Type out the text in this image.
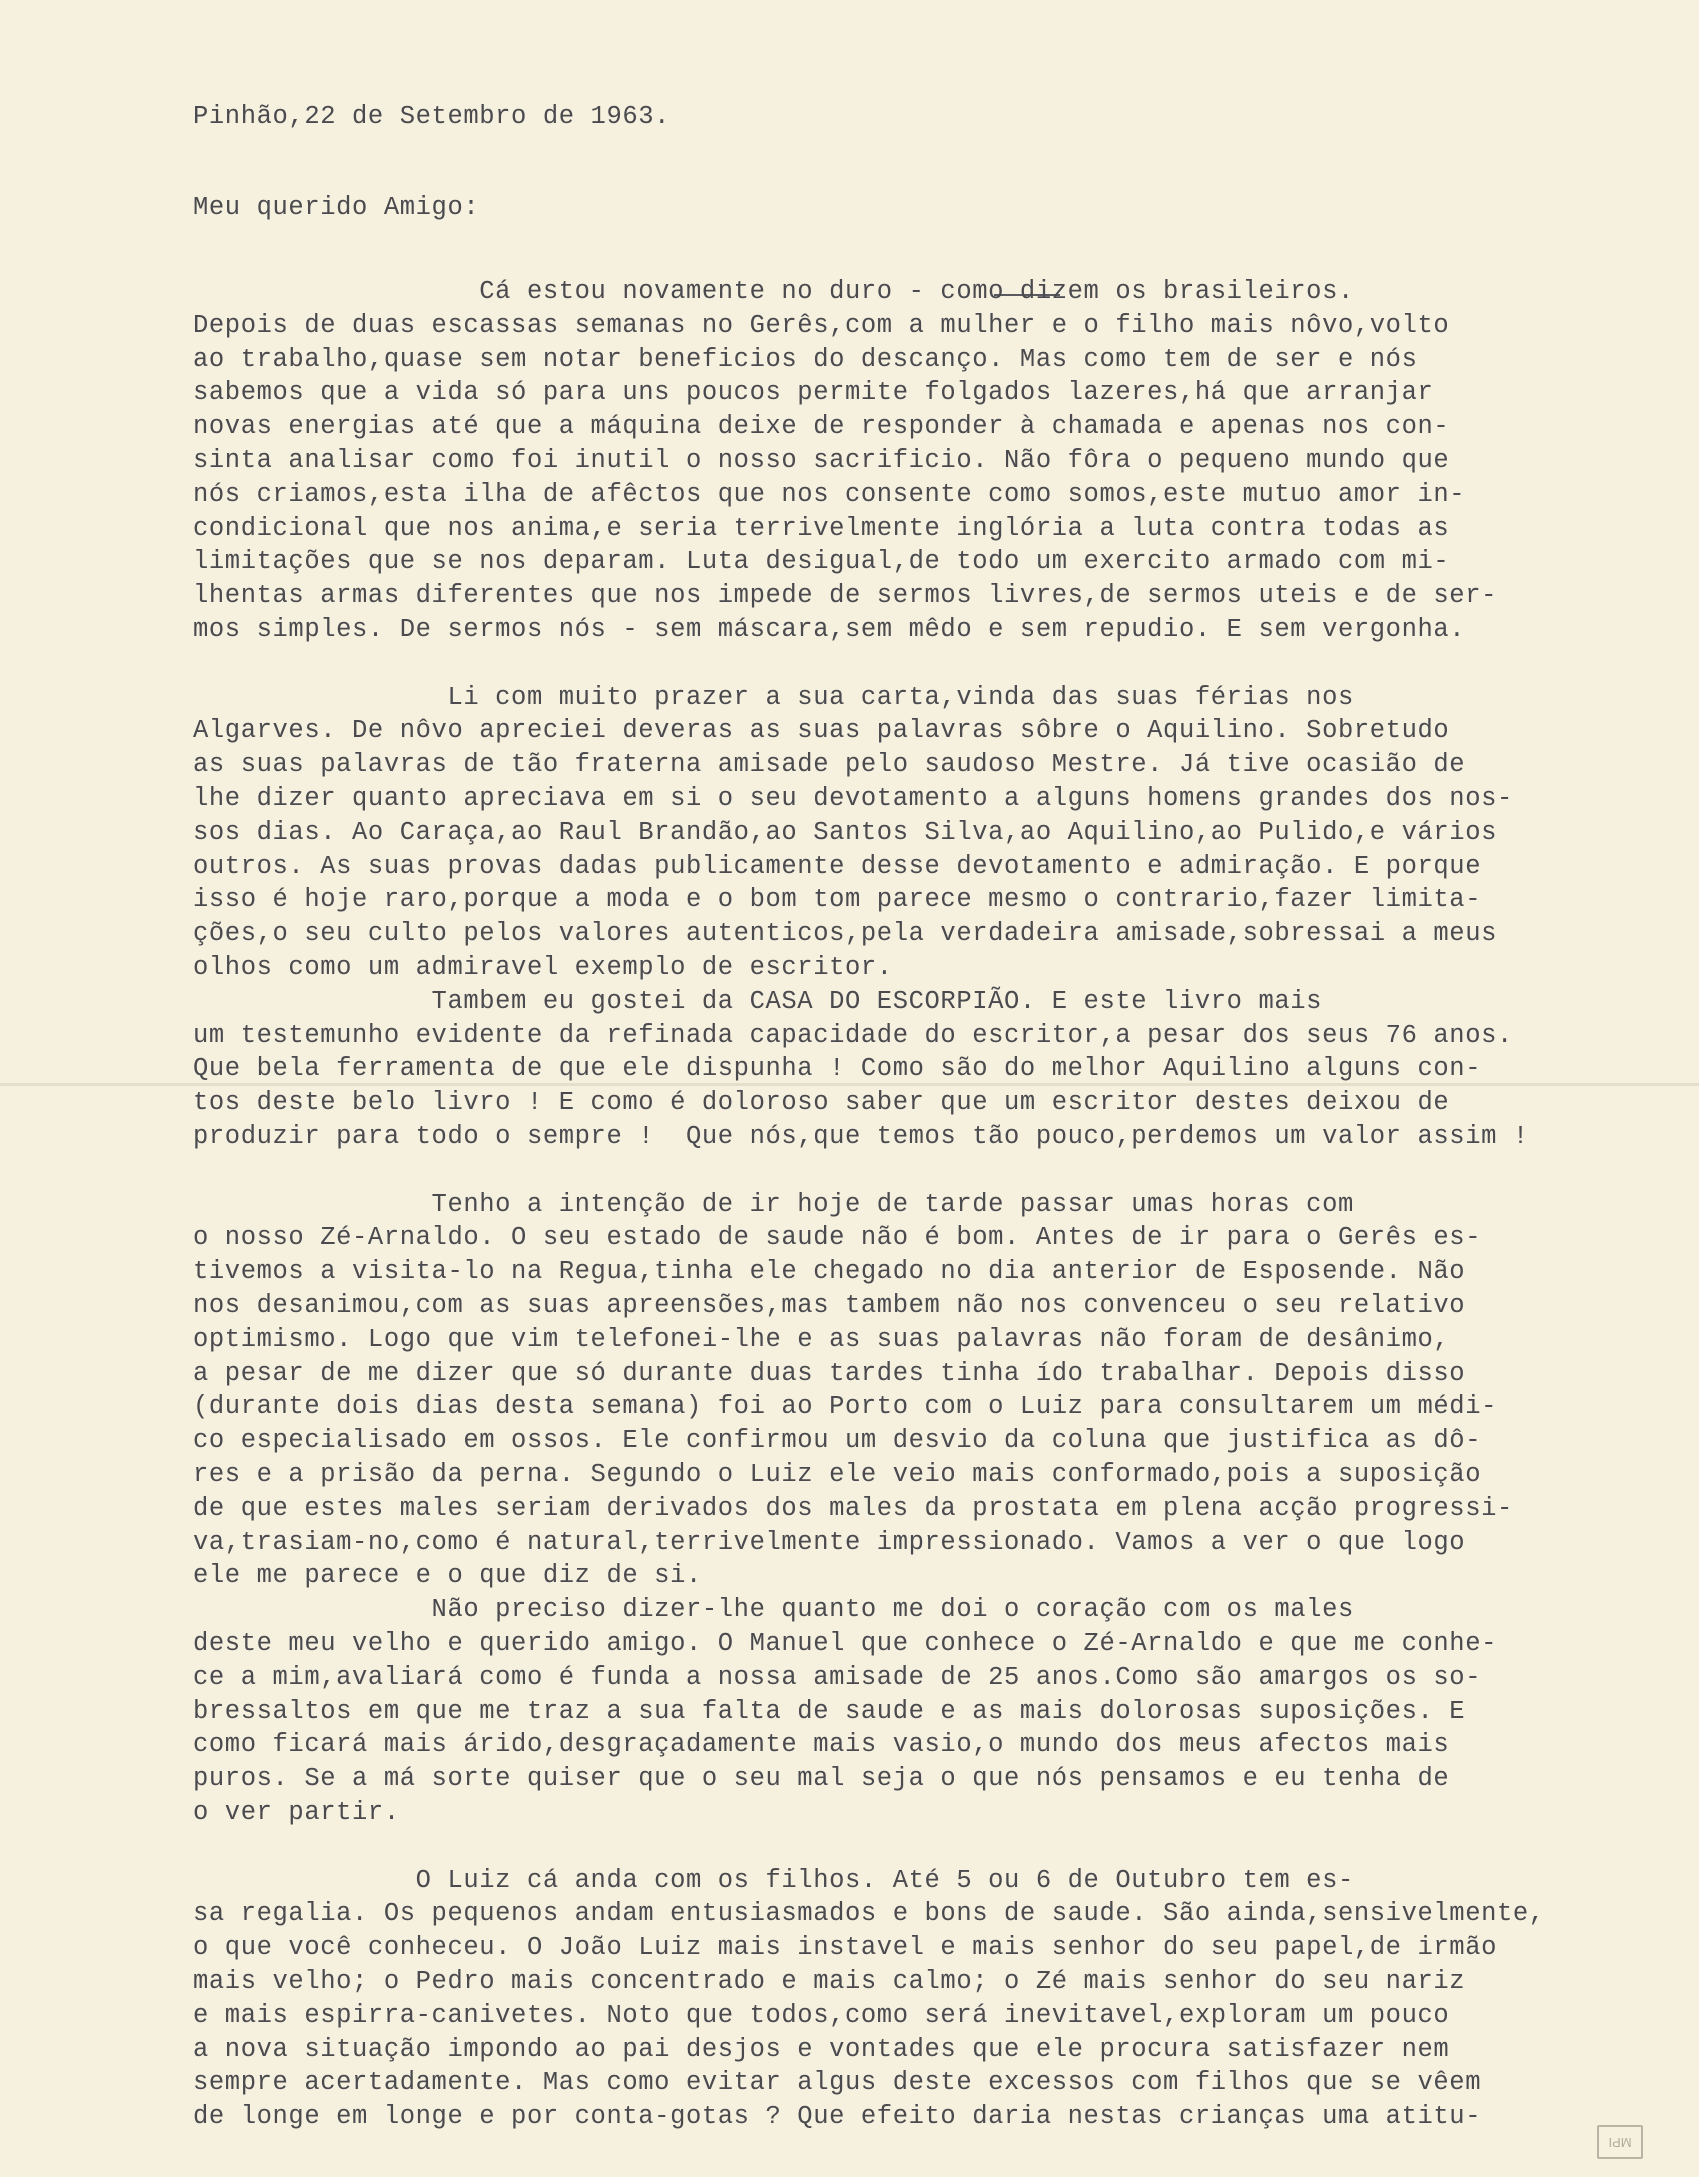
Pinhão,22 de Setembro de 1963.
Meu querido Amigo:
Cá estou novamente no duro - como dizem os brasileiros.
Depois de duas escassas semanas no Gerês,com a mulher e o filho mais nôvo,volto
ao trabalho,quase sem notar beneficios do descanço. Mas como tem de ser e nós
sabemos que a vida só para uns poucos permite folgados lazeres,há que arranjar
novas energias até que a máquina deixe de responder à chamada e apenas nos con-
sinta analisar como foi inutil o nosso sacrificio. Não fôra o pequeno mundo que
nós criamos,esta ilha de afêctos que nos consente como somos,este mutuo amor in-
condicional que nos anima,e seria terrivelmente inglória a luta contra todas as
limitações que se nos deparam. Luta desigual,de todo um exercito armado com mi-
lhentas armas diferentes que nos impede de sermos livres,de sermos uteis e de ser-
mos simples. De sermos nós - sem máscara,sem mêdo e sem repudio. E sem vergonha.
Li com muito prazer a sua carta,vinda das suas férias nos
Algarves. De nôvo apreciei deveras as suas palavras sôbre o Aquilino. Sobretudo
as suas palavras de tão fraterna amisade pelo saudoso Mestre. Já tive ocasião de
lhe dizer quanto apreciava em si o seu devotamento a alguns homens grandes dos nos-
sos dias. Ao Caraça,ao Raul Brandão,ao Santos Silva,ao Aquilino,ao Pulido,e vários
outros. As suas provas dadas publicamente desse devotamento e admiração. E porque
isso é hoje raro,porque a moda e o bom tom parece mesmo o contrario,fazer limita-
ções,o seu culto pelos valores autenticos,pela verdadeira amisade,sobressai a meus
olhos como um admiravel exemplo de escritor.
Tambem eu gostei da CASA DO ESCORPIÃO. E este livro mais
um testemunho evidente da refinada capacidade do escritor,a pesar dos seus 76 anos.
Que bela ferramenta de que ele dispunha ! Como são do melhor Aquilino alguns con-
tos deste belo livro ! E como é doloroso saber que um escritor destes deixou de
produzir para todo o sempre !  Que nós,que temos tão pouco,perdemos um valor assim !
Tenho a intenção de ir hoje de tarde passar umas horas com
o nosso Zé-Arnaldo. O seu estado de saude não é bom. Antes de ir para o Gerês es-
tivemos a visita-lo na Regua,tinha ele chegado no dia anterior de Esposende. Não
nos desanimou,com as suas apreensões,mas tambem não nos convenceu o seu relativo
optimismo. Logo que vim telefonei-lhe e as suas palavras não foram de desânimo,
a pesar de me dizer que só durante duas tardes tinha ído trabalhar. Depois disso
(durante dois dias desta semana) foi ao Porto com o Luiz para consultarem um médi-
co especialisado em ossos. Ele confirmou um desvio da coluna que justifica as dô-
res e a prisão da perna. Segundo o Luiz ele veio mais conformado,pois a suposição
de que estes males seriam derivados dos males da prostata em plena acção progressi-
va,trasiam-no,como é natural,terrivelmente impressionado. Vamos a ver o que logo
ele me parece e o que diz de si.
Não preciso dizer-lhe quanto me doi o coração com os males
deste meu velho e querido amigo. O Manuel que conhece o Zé-Arnaldo e que me conhe-
ce a mim,avaliará como é funda a nossa amisade de 25 anos.Como são amargos os so-
bressaltos em que me traz a sua falta de saude e as mais dolorosas suposições. E
como ficará mais árido,desgraçadamente mais vasio,o mundo dos meus afectos mais
puros. Se a má sorte quiser que o seu mal seja o que nós pensamos e eu tenha de
o ver partir.
O Luiz cá anda com os filhos. Até 5 ou 6 de Outubro tem es-
sa regalia. Os pequenos andam entusiasmados e bons de saude. São ainda,sensivelmente,
o que você conheceu. O João Luiz mais instavel e mais senhor do seu papel,de irmão
mais velho; o Pedro mais concentrado e mais calmo; o Zé mais senhor do seu nariz
e mais espirra-canivetes. Noto que todos,como será inevitavel,exploram um pouco
a nova situação impondo ao pai desjos e vontades que ele procura satisfazer nem
sempre acertadamente. Mas como evitar algus deste excessos com filhos que se vêem
de longe em longe e por conta-gotas ? Que efeito daria nestas crianças uma atitu-
MPI
